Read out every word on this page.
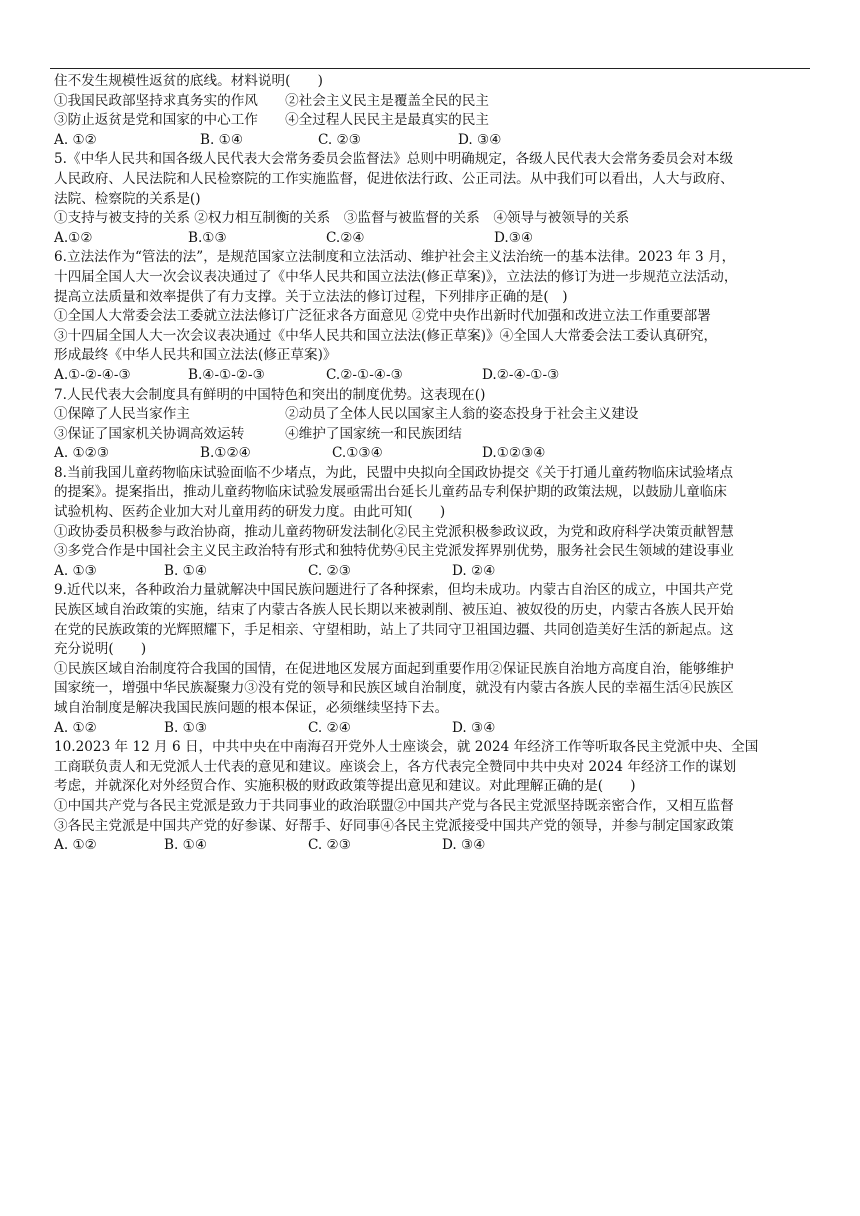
住不发生规模性返贫的底线。材料说明(　　)
①我国民政部坚持求真务实的作风　　②社会主义民主是覆盖全民的民主
③防止返贫是党和国家的中心工作　　④全过程人民民主是最真实的民主
A. ①②	B. ①④	C. ②③	D. ③④
5.《中华人民共和国各级人民代表大会常务委员会监督法》总则中明确规定，各级人民代表大会常务委员会对本级
人民政府、人民法院和人民检察院的工作实施监督，促进依法行政、公正司法。从中我们可以看出，人大与政府、
法院、检察院的关系是()
①支持与被支持的关系 ②权力相互制衡的关系　③监督与被监督的关系　④领导与被领导的关系
A.①②	B.①③	C.②④	D.③④
6.立法法作为“管法的法”，是规范国家立法制度和立法活动、维护社会主义法治统一的基本法律。2023 年 3 月，
十四届全国人大一次会议表决通过了《中华人民共和国立法法(修正草案)》，立法法的修订为进一步规范立法活动，
提高立法质量和效率提供了有力支撑。关于立法法的修订过程，下列排序正确的是(　)
①全国人大常委会法工委就立法法修订广泛征求各方面意见 ②党中央作出新时代加强和改进立法工作重要部署
③十四届全国人大一次会议表决通过《中华人民共和国立法法(修正草案)》④全国人大常委会法工委认真研究，
形成最终《中华人民共和国立法法(修正草案)》
A.①-②-④-③	B.④-①-②-③	C.②-①-④-③	D.②-④-①-③
7.人民代表大会制度具有鲜明的中国特色和突出的制度优势。这表现在()
①保障了人民当家作主　　　　　　　②动员了全体人民以国家主人翁的姿态投身于社会主义建设
③保证了国家机关协调高效运转　　　④维护了国家统一和民族团结
A. ①②③	B.①②④	C.①③④	D.①②③④
8.当前我国儿童药物临床试验面临不少堵点，为此，民盟中央拟向全国政协提交《关于打通儿童药物临床试验堵点
的提案》。提案指出，推动儿童药物临床试验发展亟需出台延长儿童药品专利保护期的政策法规，以鼓励儿童临床
试验机构、医药企业加大对儿童用药的研发力度。由此可知(　　)
①政协委员积极参与政治协商，推动儿童药物研发法制化②民主党派积极参政议政，为党和政府科学决策贡献智慧
③多党合作是中国社会主义民主政治特有形式和独特优势④民主党派发挥界别优势，服务社会民生领域的建设事业
A. ①③	B. ①④	C. ②③	D. ②④
9.近代以来，各种政治力量就解决中国民族问题进行了各种探索，但均未成功。内蒙古自治区的成立，中国共产党
民族区域自治政策的实施，结束了内蒙古各族人民长期以来被剥削、被压迫、被奴役的历史，内蒙古各族人民开始
在党的民族政策的光辉照耀下，手足相亲、守望相助，站上了共同守卫祖国边疆、共同创造美好生活的新起点。这
充分说明(　　)
①民族区域自治制度符合我国的国情，在促进地区发展方面起到重要作用②保证民族自治地方高度自治，能够维护
国家统一，增强中华民族凝聚力③没有党的领导和民族区域自治制度，就没有内蒙古各族人民的幸福生活④民族区
域自治制度是解决我国民族问题的根本保证，必须继续坚持下去。
A. ①②	B. ①③	C. ②④	D. ③④
10.2023 年 12 月 6 日，中共中央在中南海召开党外人士座谈会，就 2024 年经济工作等听取各民主党派中央、全国
工商联负责人和无党派人士代表的意见和建议。座谈会上，各方代表完全赞同中共中央对 2024 年经济工作的谋划
考虑，并就深化对外经贸合作、实施积极的财政政策等提出意见和建议。对此理解正确的是(　　)
①中国共产党与各民主党派是致力于共同事业的政治联盟②中国共产党与各民主党派坚持既亲密合作，又相互监督
③各民主党派是中国共产党的好参谋、好帮手、好同事④各民主党派接受中国共产党的领导，并参与制定国家政策
A. ①②	B. ①④	C. ②③	D. ③④
